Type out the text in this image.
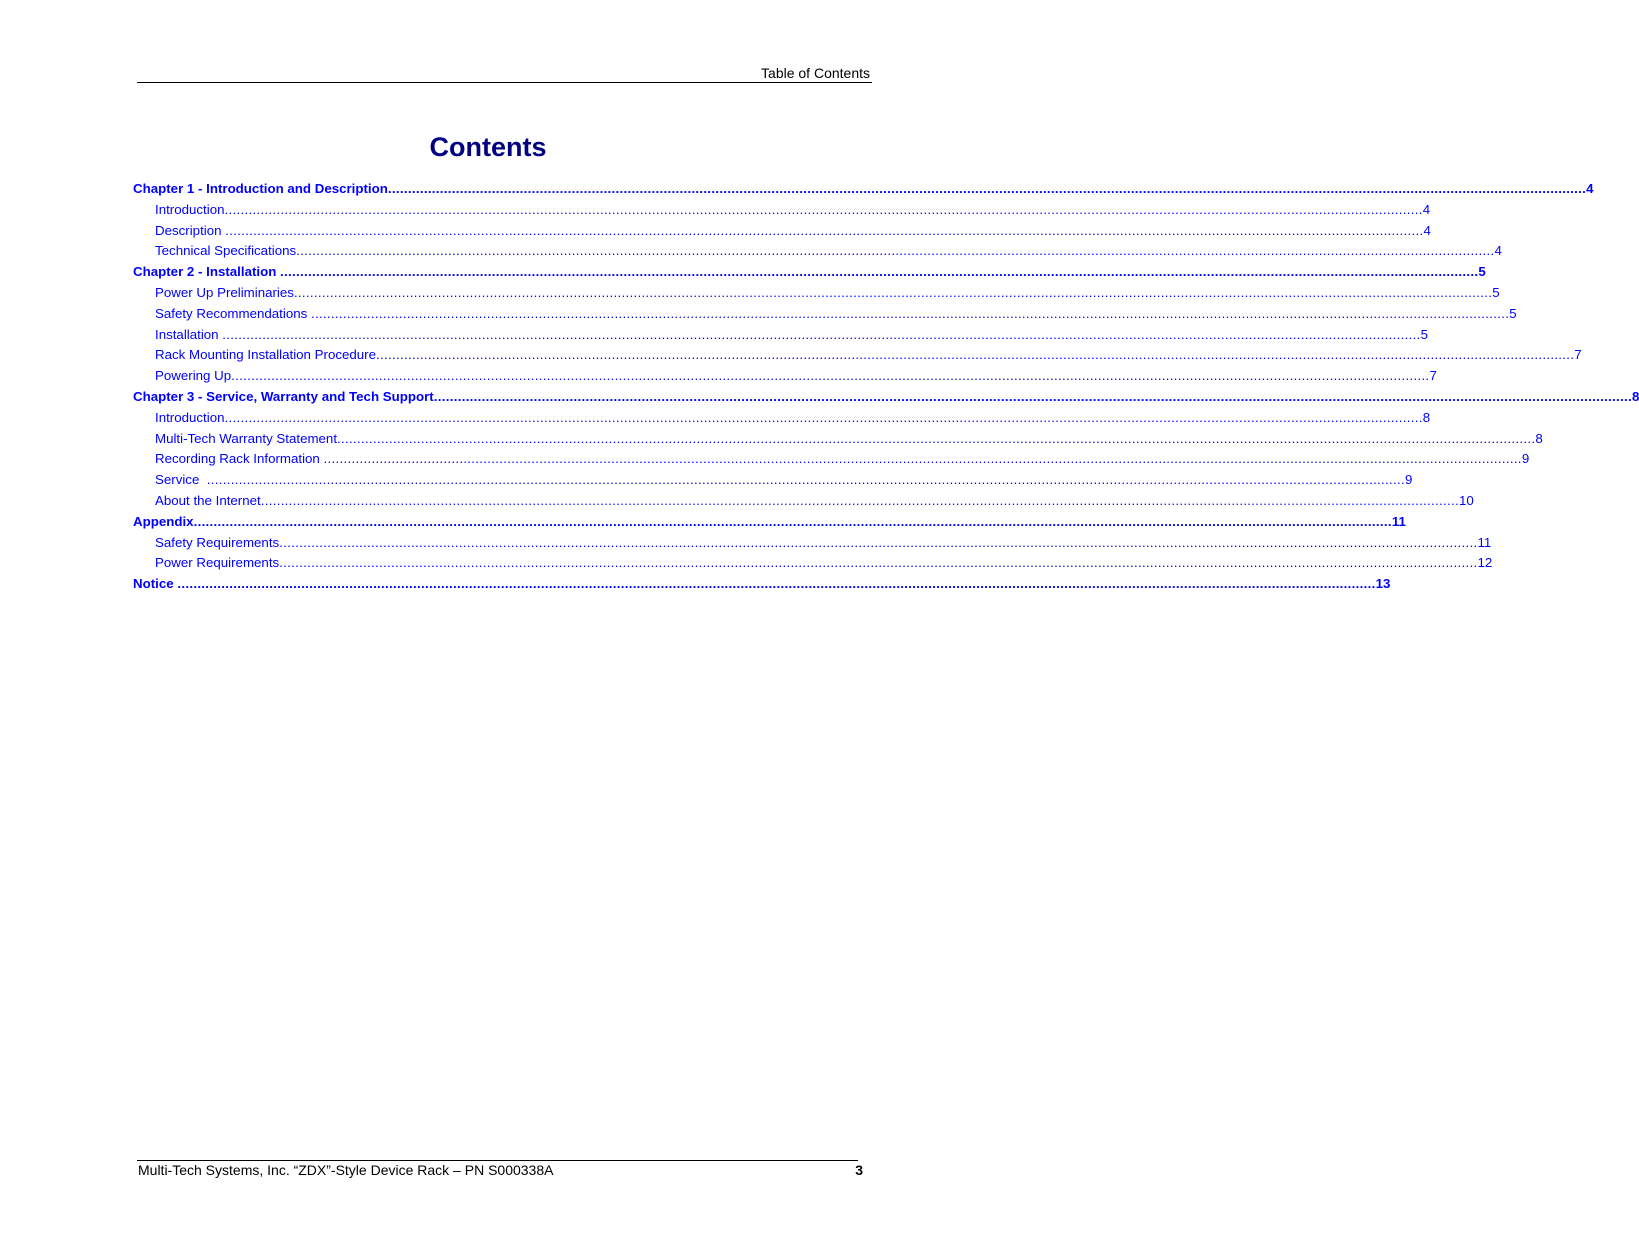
Table of Contents
Contents
Chapter 1 - Introduction and Description ............................................................................................................................................................................................................................................................................................................ 4
Introduction ............................................................................................................................................................................................................................................................................................................ 4
Description ............................................................................................................................................................................................................................................................................................................ 4
Technical Specifications ............................................................................................................................................................................................................................................................................................................ 4
Chapter 2 - Installation ............................................................................................................................................................................................................................................................................................................ 5
Power Up Preliminaries ............................................................................................................................................................................................................................................................................................................ 5
Safety Recommendations ............................................................................................................................................................................................................................................................................................................ 5
Installation ............................................................................................................................................................................................................................................................................................................ 5
Rack Mounting Installation Procedure ............................................................................................................................................................................................................................................................................................................ 7
Powering Up ............................................................................................................................................................................................................................................................................................................ 7
Chapter 3 - Service, Warranty and Tech Support ............................................................................................................................................................................................................................................................................................................ 8
Introduction ............................................................................................................................................................................................................................................................................................................ 8
Multi-Tech Warranty Statement ............................................................................................................................................................................................................................................................................................................ 8
Recording Rack Information ............................................................................................................................................................................................................................................................................................................ 9
Service ............................................................................................................................................................................................................................................................................................................ 9
About the Internet ............................................................................................................................................................................................................................................................................................................ 10
Appendix ............................................................................................................................................................................................................................................................................................................ 11
Safety Requirements ............................................................................................................................................................................................................................................................................................................ 11
Power Requirements ............................................................................................................................................................................................................................................................................................................ 12
Notice ............................................................................................................................................................................................................................................................................................................ 13
Multi-Tech Systems, Inc. “ZDX”-Style Device Rack – PN S000338A	3
